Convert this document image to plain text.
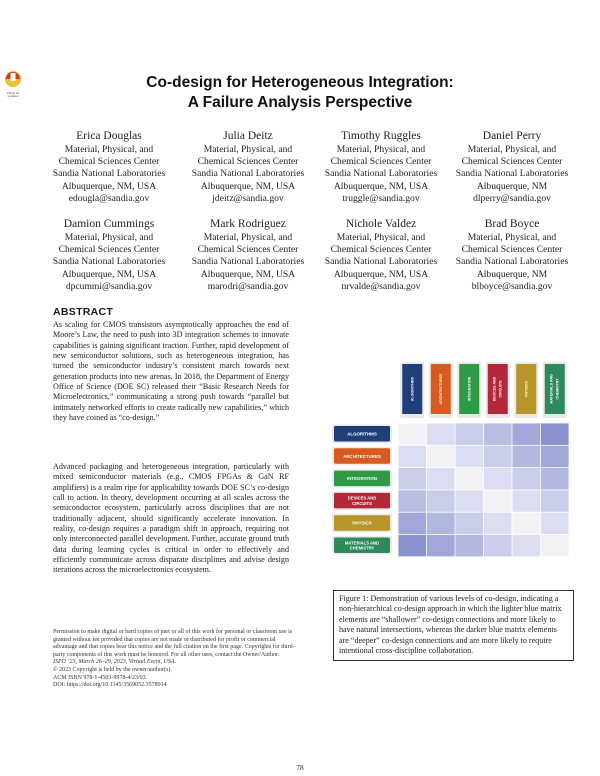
Check for
updates
Co-design for Heterogeneous Integration:
A Failure Analysis Perspective
Erica Douglas
Material, Physical, and
Chemical Sciences Center
Sandia National Laboratories
Albuquerque, NM, USA
edougla@sandia.gov
Julia Deitz
Material, Physical, and
Chemical Sciences Center
Sandia National Laboratories
Albuquerque, NM, USA
jdeitz@sandia.gov
Timothy Ruggles
Material, Physical, and
Chemical Sciences Center
Sandia National Laboratories
Albuquerque, NM, USA
truggle@sandia.gov
Daniel Perry
Material, Physical, and
Chemical Sciences Center
Sandia National Laboratories
Albuquerque, NM
dlperry@sandia.gov
Damion Cummings
Material, Physical, and
Chemical Sciences Center
Sandia National Laboratories
Albuquerque, NM, USA
dpcummi@sandia.gov
Mark Rodriguez
Material, Physical, and
Chemical Sciences Center
Sandia National Laboratories
Albuquerque, NM, USA
marodri@sandia.gov
Nichole Valdez
Material, Physical, and
Chemical Sciences Center
Sandia National Laboratories
Albuquerque, NM, USA
nrvalde@sandia.gov
Brad Boyce
Material, Physical, and
Chemical Sciences Center
Sandia National Laboratories
Albuquerque, NM
blboyce@sandia.gov
ABSTRACT
As scaling for CMOS transistors asymptotically approaches the end of Moore’s Law, the need to push into 3D integration schemes to innovate capabilities is gaining significant traction. Further, rapid development of new semiconductor solutions, such as heterogeneous integration, has turned the semiconductor industry’s consistent march towards next generation products into new arenas. In 2018, the Department of Energy Office of Science (DOE SC) released their “Basic Research Needs for Microelectronics,” communicating a strong push towards “parallel but intimately networked efforts to create radically new capabilities,” which they have coined as “co-design.”
Advanced packaging and heterogeneous integration, particularly with mixed semiconductor materials (e.g., CMOS FPGAs & GaN RF amplifiers) is a realm ripe for applicability towards DOE SC’s co-design call to action. In theory, development occurring at all scales across the semiconductor ecosystem, particularly across disciplines that are not traditionally adjacent, should significantly accelerate innovation. In reality, co-design requires a paradigm shift in approach, requiring not only interconnected parallel development. Further, accurate ground truth data during learning cycles is critical in order to effectively and efficiently communicate across disparate disciplines and advise design iterations across the microelectronics ecosystem.
Permission to make digital or hard copies of part or all of this work for personal or classroom use is granted without fee provided that copies are not made or distributed for profit or commercial advantage and that copies bear this notice and the full citation on the first page. Copyrights for third-party components of this work must be honored. For all other uses, contact the Owner/Author.
ISPD ’23, March 26–29, 2023, Virtual Event, USA.
© 2023 Copyright is held by the owner/author(s).
ACM ISBN 978-1-4503-9978-4/23/03.
DOI: https://doi.org/10.1145/3569052.3578914
ALGORITHMS	ARCHITECTURES	INTEGRATION	DEVICES AND CIRCUITS	PHYSICS	MATERIALS AND CHEMISTRY
ALGORITHMS
ARCHITECTURES
INTEGRATION
DEVICES AND
CIRCUITS
PHYSICS
MATERIALS AND
CHEMISTRY
Figure 1: Demonstration of various levels of co-design, indicating a non-hierarchical co-design approach in which the lighter blue matrix elements are “shallower” co-design connections and more likely to have natural intersections, whereas the darker blue matrix elements are “deeper” co-design connections and are more likely to require intentional cross-discipline collaboration.
78
